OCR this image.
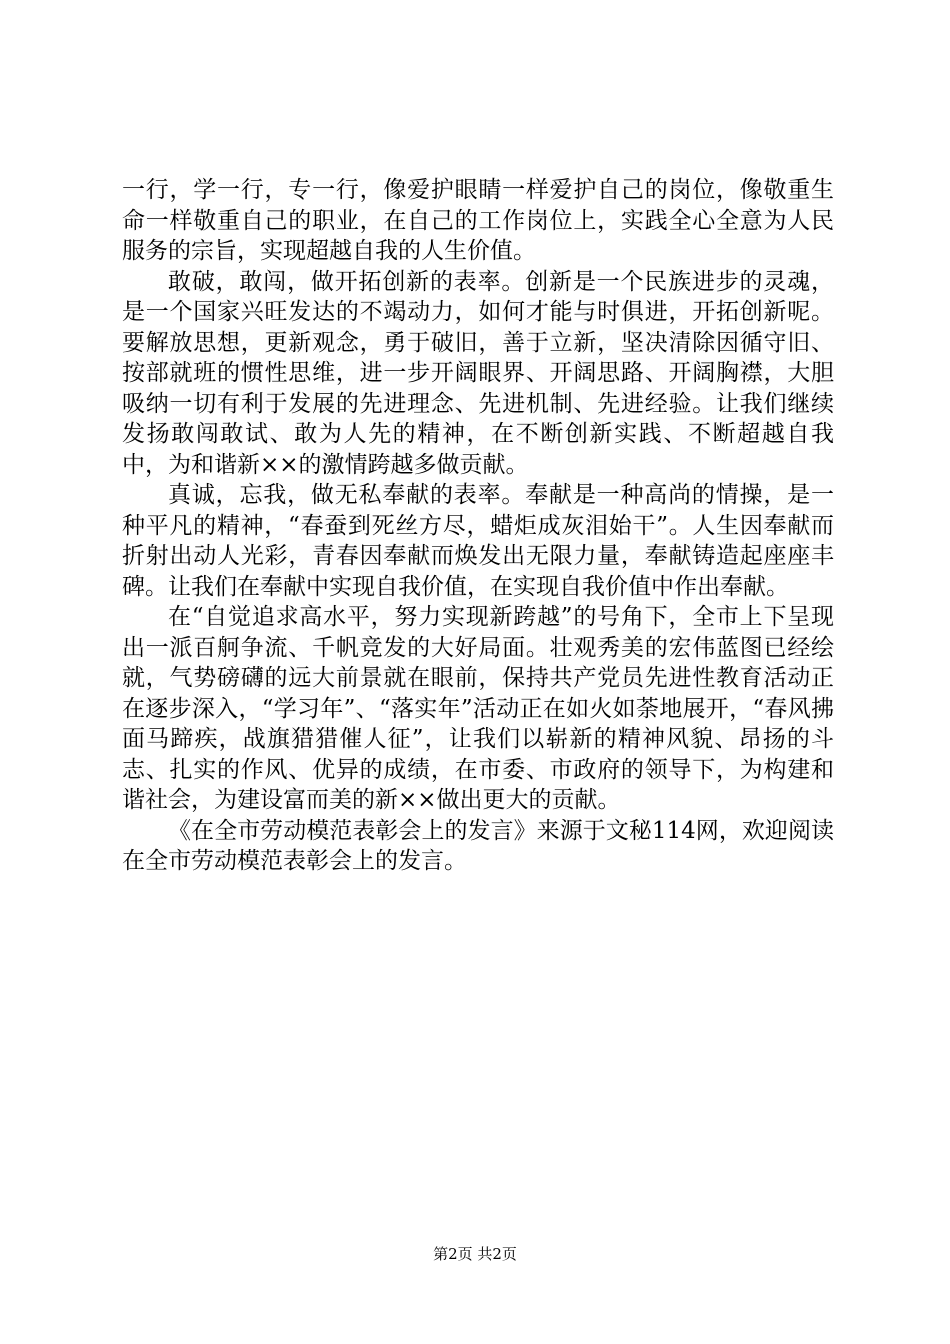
一行，学一行，专一行，像爱护眼睛一样爱护自己的岗位，像敬重生命一样敬重自己的职业，在自己的工作岗位上，实践全心全意为人民服务的宗旨，实现超越自我的人生价值。

敢破，敢闯，做开拓创新的表率。创新是一个民族进步的灵魂，是一个国家兴旺发达的不竭动力，如何才能与时俱进，开拓创新呢。要解放思想，更新观念，勇于破旧，善于立新，坚决清除因循守旧、按部就班的惯性思维，进一步开阔眼界、开阔思路、开阔胸襟，大胆吸纳一切有利于发展的先进理念、先进机制、先进经验。让我们继续发扬敢闯敢试、敢为人先的精神，在不断创新实践、不断超越自我中，为和谐新××的激情跨越多做贡献。

真诚，忘我，做无私奉献的表率。奉献是一种高尚的情操，是一种平凡的精神，“春蚕到死丝方尽，蜡炬成灰泪始干”。人生因奉献而折射出动人光彩，青春因奉献而焕发出无限力量，奉献铸造起座座丰碑。让我们在奉献中实现自我价值，在实现自我价值中作出奉献。

在“自觉追求高水平，努力实现新跨越”的号角下，全市上下呈现出一派百舸争流、千帆竞发的大好局面。壮观秀美的宏伟蓝图已经绘就，气势磅礴的远大前景就在眼前，保持共产党员先进性教育活动正在逐步深入，“学习年”、“落实年”活动正在如火如荼地展开，“春风拂面马蹄疾，战旗猎猎催人征”，让我们以崭新的精神风貌、昂扬的斗志、扎实的作风、优异的成绩，在市委、市政府的领导下，为构建和谐社会，为建设富而美的新××做出更大的贡献。

《在全市劳动模范表彰会上的发言》来源于文秘114网，欢迎阅读在全市劳动模范表彰会上的发言。

第2页 共2页
